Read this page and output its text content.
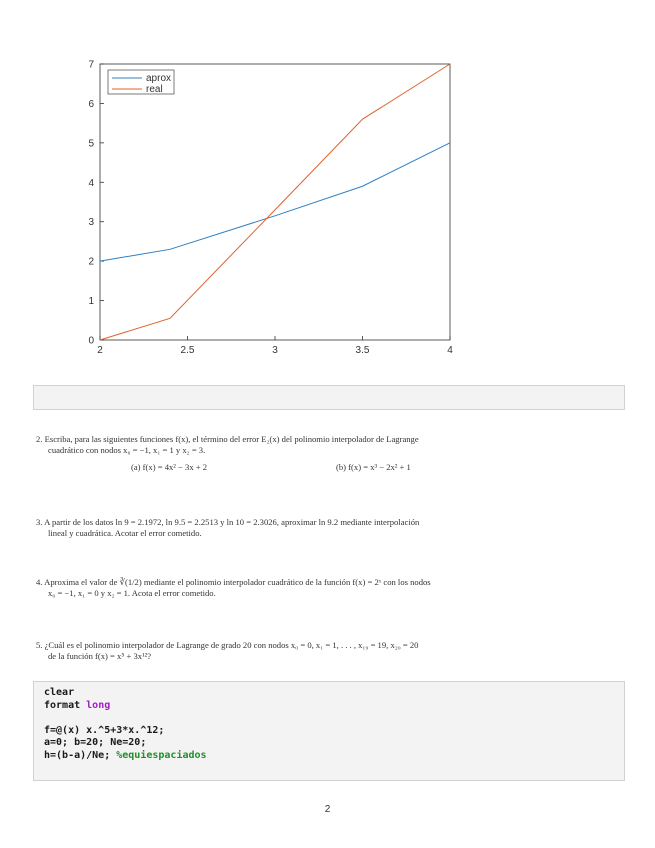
2	2.5	3	3.5	4
0
1
2
3
4
5
6
7
aprox
real
2. Escriba, para las siguientes funciones f(x), el término del error E₂(x) del polinomio interpolador de Lagrange
cuadrático con nodos x₀ = −1, x₁ = 1 y x₂ = 3.
(a) f(x) = 4x² − 3x + 2	(b) f(x) = x³ − 2x² + 1
3. A partir de los datos ln 9 = 2.1972, ln 9.5 = 2.2513 y ln 10 = 2.3026, aproximar ln 9.2 mediante interpolación
lineal y cuadrática. Acotar el error cometido.
4. Aproxima el valor de ∛(1/2) mediante el polinomio interpolador cuadrático de la función f(x) = 2ˣ con los nodos
x₀ = −1, x₁ = 0 y x₂ = 1. Acota el error cometido.
5. ¿Cuál es el polinomio interpolador de Lagrange de grado 20 con nodos x₀ = 0, x₁ = 1, . . . , x₁₉ = 19, x₂₀ = 20
de la función f(x) = x⁵ + 3x¹²?
clear
format long
f=@(x) x.^5+3*x.^12;
a=0; b=20; Ne=20;
h=(b-a)/Ne; %equiespaciados
2
